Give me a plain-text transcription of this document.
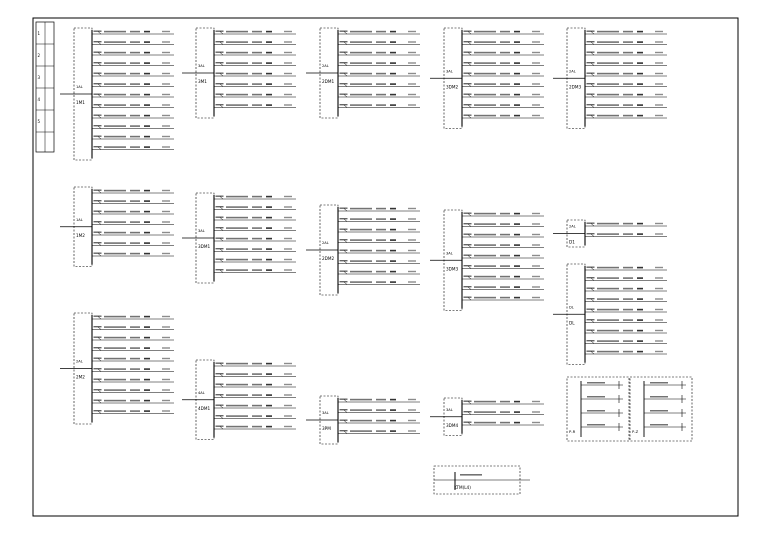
1
2
3
4
5
1M1
1AL
1M2
1AL
2M2
2AL
3M1
3AL
3DM1
3AL
4DM1
4AL
2DM1
2AL
2DM2
2AL
3PM
3AL
3DM2
3AL
3DM3
3AL
3DM4
3AL
2DM3
2AL
D1
2AL
DL
DL
KTM(L4)
P-R	P-Z
